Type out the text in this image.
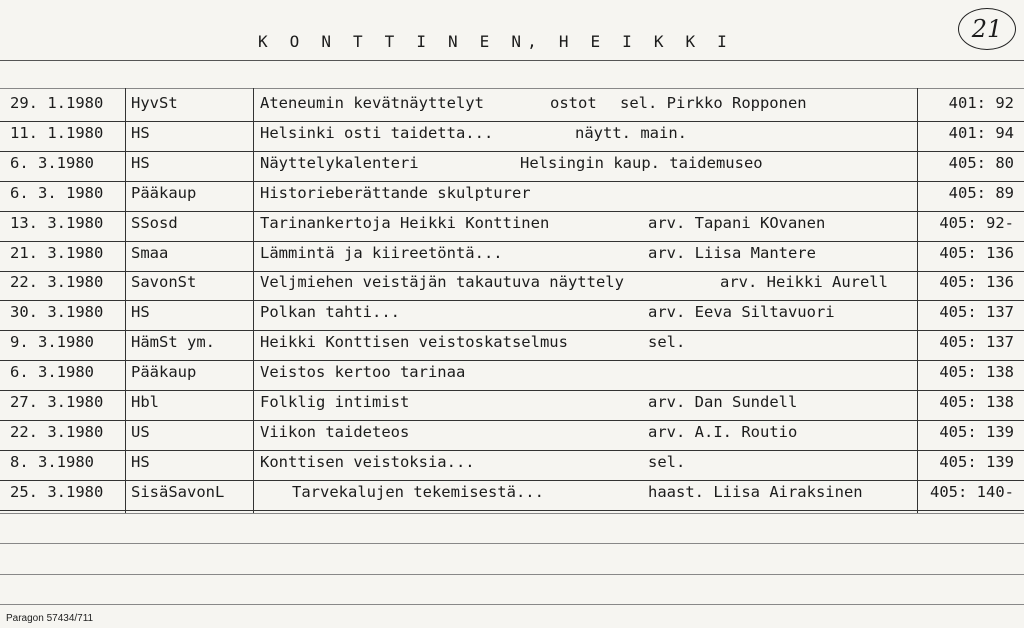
K O N T T I N E N, H E I K K I	21
29. 1.1980 HyvSt	Ateneumin kevätnäyttelyt	ostot sel. Pirkko Roppone​n	401: 92
11. 1.1980 HS	Helsinki osti taidetta...	näytt. main.	401: 94
6. 3.1980 HS	Näyttelykalenteri	Helsingin kaup. taidemuseo	405: 80
6. 3. 1980 Pääkaup	Historieberättande skulpturer	405: 89
13. 3.1980 SSosd	Tarinankertoja Heikki Konttinen	arv. Tapani KOvanen	405: 92-
21. 3.1980 Smaa	Lämmintä ja kiireetöntä...	arv. Liisa Mantere	405: 136
22. 3.1980 SavonSt	Veljmiehen veistäjän takautuva näyttely	arv. Heikki Aurell	405: 136
30. 3.1980 HS	Polkan tahti...	arv. Eeva Siltavuori	405: 137
9. 3.1980 HämSt ym.	Heikki Konttisen veistoskatselmus	sel.	405: 137
6. 3.1980 Pääkaup	Veistos kertoo tarinaa	405: 138
27. 3.1980 Hbl	Folklig intimist	arv. Dan Sundell	405: 138
22. 3.1980 US	Viikon taideteos	arv. A.I. Routio	405: 139
8. 3.1980 HS	Konttisen veistoksia...	sel.	405: 139
25. 3.1980 SisäSavonL	Tarvekalujen tekemisestä...	haast. Liisa Airaksinen	405: 140-
Paragon 57434/711
